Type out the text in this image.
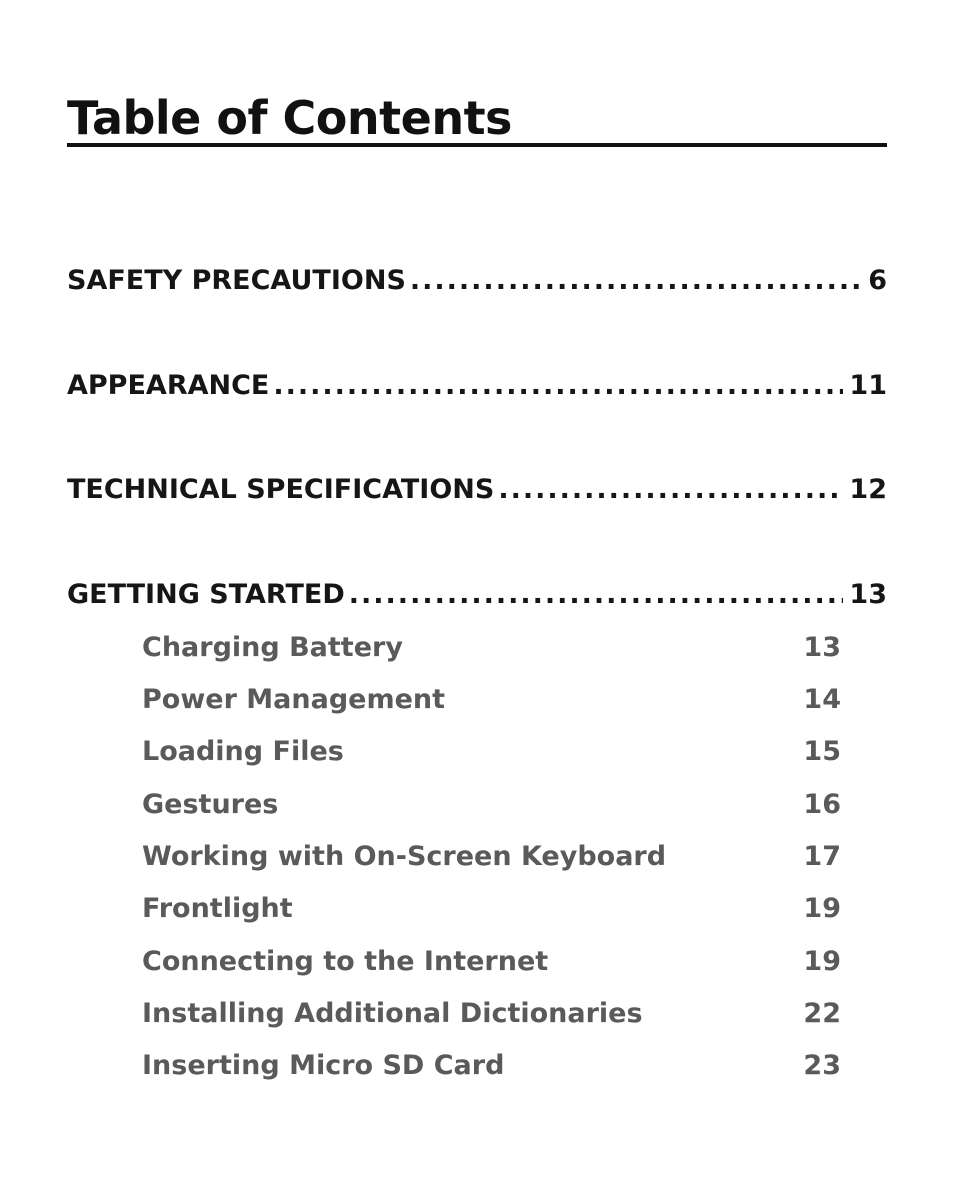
Table of Contents
SAFETY PRECAUTIONS .....	6
APPEARANCE .....	11
TECHNICAL SPECIFICATIONS .....	12
GETTING STARTED .....	13
Charging Battery	13
Power Management	14
Loading Files	15
Gestures	16
Working with On-Screen Keyboard	17
Frontlight	19
Connecting to the Internet	19
Installing Additional Dictionaries	22
Inserting Micro SD Card	23
